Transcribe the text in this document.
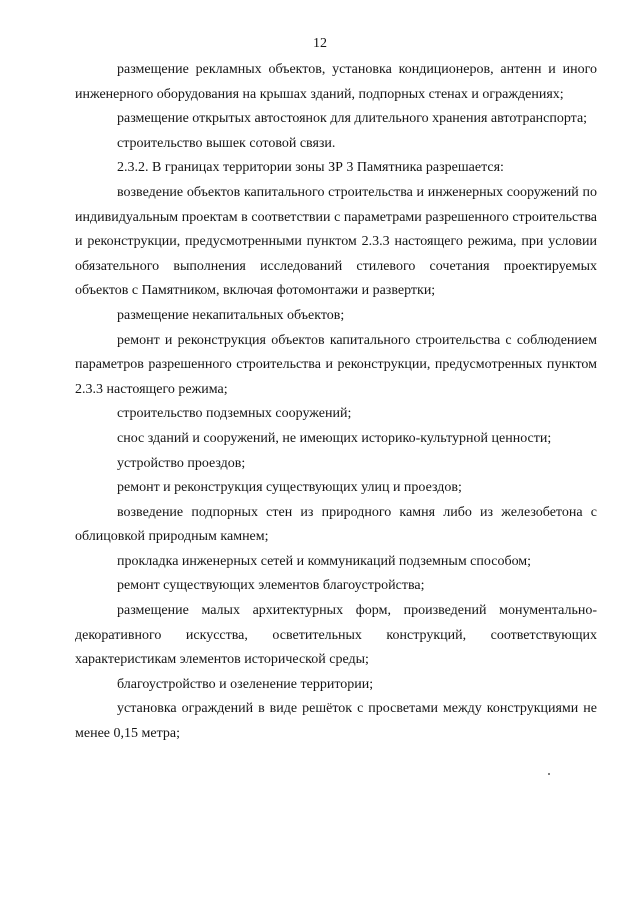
12

размещение рекламных объектов, установка кондиционеров, антенн и иного инженерного оборудования на крышах зданий, подпорных стенах и ограждениях;

размещение открытых автостоянок для длительного хранения автотранспорта;

строительство вышек сотовой связи.

2.3.2. В границах территории зоны ЗР 3 Памятника разрешается:

возведение объектов капитального строительства и инженерных сооружений по индивидуальным проектам в соответствии с параметрами разрешенного строительства и реконструкции, предусмотренными пунктом 2.3.3 настоящего режима, при условии обязательного выполнения исследований стилевого сочетания проектируемых объектов с Памятником, включая фотомонтажи и развертки;

размещение некапитальных объектов;

ремонт и реконструкция объектов капитального строительства с соблюдением параметров разрешенного строительства и реконструкции, предусмотренных пунктом 2.3.3 настоящего режима;

строительство подземных сооружений;

снос зданий и сооружений, не имеющих историко-культурной ценности;

устройство проездов;

ремонт и реконструкция существующих улиц и проездов;

возведение подпорных стен из природного камня либо из железобетона с облицовкой природным камнем;

прокладка инженерных сетей и коммуникаций подземным способом;

ремонт существующих элементов благоустройства;

размещение малых архитектурных форм, произведений монументально-декоративного искусства, осветительных конструкций, соответствующих характеристикам элементов исторической среды;

благоустройство и озеленение территории;

установка ограждений в виде решёток с просветами между конструкциями не менее 0,15 метра;
